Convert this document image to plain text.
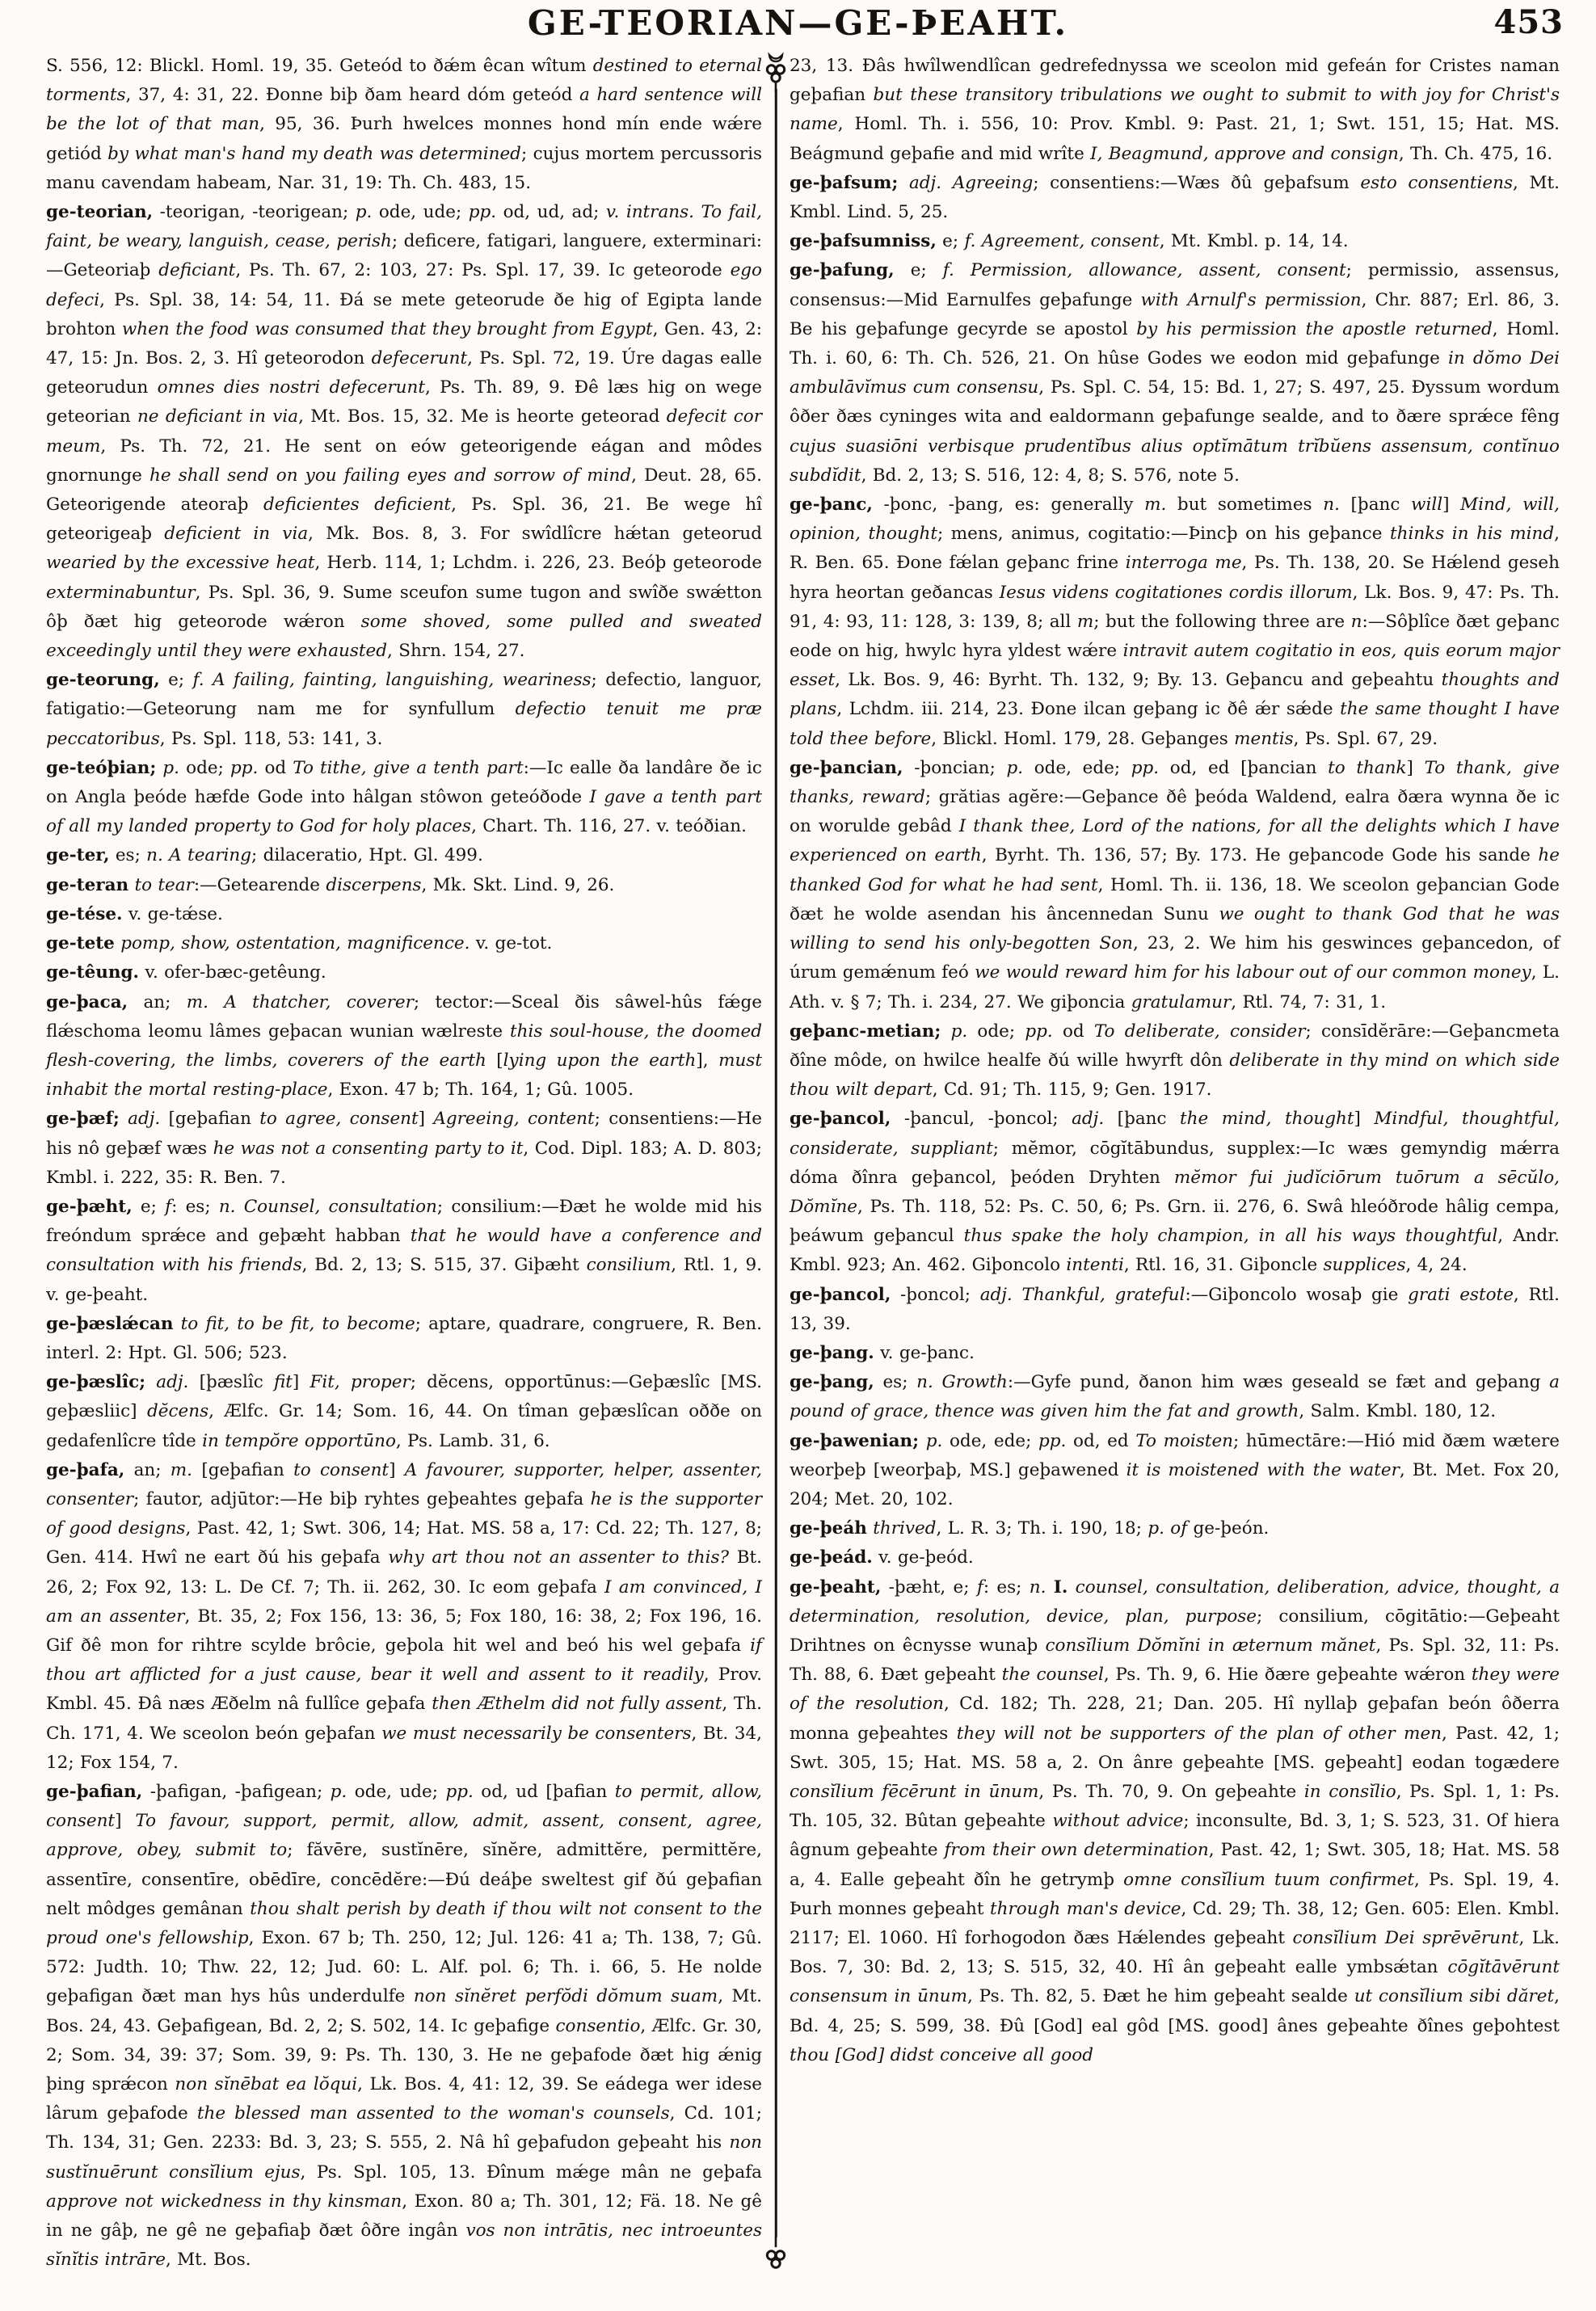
GE-TEORIAN—GE-ÞEAHT.	453

S. 556, 12: Blickl. Homl. 19, 35. Geteód to ðǽm êcan wîtum destined to eternal torments, 37, 4: 31, 22. Ðonne biþ ðam heard dóm geteód a hard sentence will be the lot of that man, 95, 36. Þurh hwelces monnes hond mín ende wǽre getiód by what man's hand my death was determined; cujus mortem percussoris manu cavendam habeam, Nar. 31, 19: Th. Ch. 483, 15.

ge-teorian, -teorigan, -teorigean; p. ode, ude; pp. od, ud, ad; v. intrans. To fail, faint, be weary, languish, cease, perish; deficere, fatigari, languere, exterminari:—Geteoriaþ deficiant, Ps. Th. 67, 2: 103, 27: Ps. Spl. 17, 39. Ic geteorode ego defeci, Ps. Spl. 38, 14: 54, 11. Ðá se mete geteorude ðe hig of Egipta lande brohton when the food was consumed that they brought from Egypt, Gen. 43, 2: 47, 15: Jn. Bos. 2, 3. Hî geteorodon defecerunt, Ps. Spl. 72, 19. Úre dagas ealle geteorudun omnes dies nostri defecerunt, Ps. Th. 89, 9. Ðê læs hig on wege geteorian ne deficiant in via, Mt. Bos. 15, 32. Me is heorte geteorad defecit cor meum, Ps. Th. 72, 21. He sent on eów geteorigende eágan and môdes gnornunge he shall send on you failing eyes and sorrow of mind, Deut. 28, 65. Geteorigende ateoraþ deficientes deficient, Ps. Spl. 36, 21. Be wege hî geteorigeaþ deficient in via, Mk. Bos. 8, 3. For swîdlîcre hǽtan geteorud wearied by the excessive heat, Herb. 114, 1; Lchdm. i. 226, 23. Beóþ geteorode exterminabuntur, Ps. Spl. 36, 9. Sume sceufon sume tugon and swîðe swǽtton ôþ ðæt hig geteorode wǽron some shoved, some pulled and sweated exceedingly until they were exhausted, Shrn. 154, 27.

ge-teorung, e; f. A failing, fainting, languishing, weariness; defectio, languor, fatigatio:—Geteorung nam me for synfullum defectio tenuit me præ peccatoribus, Ps. Spl. 118, 53: 141, 3.

ge-teóþian; p. ode; pp. od To tithe, give a tenth part:—Ic ealle ða landâre ðe ic on Angla þeóde hæfde Gode into hâlgan stôwon geteóðode I gave a tenth part of all my landed property to God for holy places, Chart. Th. 116, 27. v. teóðian.

ge-ter, es; n. A tearing; dilaceratio, Hpt. Gl. 499.

ge-teran to tear:—Getearende discerpens, Mk. Skt. Lind. 9, 26.

ge-tése. v. ge-tǽse.

ge-tete pomp, show, ostentation, magnificence. v. ge-tot.

ge-têung. v. ofer-bæc-getêung.

ge-þaca, an; m. A thatcher, coverer; tector:—Sceal ðis sâwel-hûs fǽge flǽschoma leomu lâmes geþacan wunian wælreste this soul-house, the doomed flesh-covering, the limbs, coverers of the earth [lying upon the earth], must inhabit the mortal resting-place, Exon. 47 b; Th. 164, 1; Gû. 1005.

ge-þæf; adj. [geþafian to agree, consent] Agreeing, content; consentiens:—He his nô geþæf wæs he was not a consenting party to it, Cod. Dipl. 183; A. D. 803; Kmbl. i. 222, 35: R. Ben. 7.

ge-þæht, e; f: es; n. Counsel, consultation; consilium:—Ðæt he wolde mid his freóndum sprǽce and geþæht habban that he would have a conference and consultation with his friends, Bd. 2, 13; S. 515, 37. Giþæht consilium, Rtl. 1, 9. v. ge-þeaht.

ge-þæslǽcan to fit, to be fit, to become; aptare, quadrare, congruere, R. Ben. interl. 2: Hpt. Gl. 506; 523.

ge-þæslîc; adj. [þæslîc fit] Fit, proper; dĕcens, opportūnus:—Geþæslîc [MS. geþæsliic] dĕcens, Ælfc. Gr. 14; Som. 16, 44. On tîman geþæslîcan oððe on gedafenlîcre tîde in tempŏre opportūno, Ps. Lamb. 31, 6.

ge-þafa, an; m. [geþafian to consent] A favourer, supporter, helper, assenter, consenter; fautor, adjūtor:—He biþ ryhtes geþeahtes geþafa he is the supporter of good designs, Past. 42, 1; Swt. 306, 14; Hat. MS. 58 a, 17: Cd. 22; Th. 127, 8; Gen. 414. Hwî ne eart ðú his geþafa why art thou not an assenter to this? Bt. 26, 2; Fox 92, 13: L. De Cf. 7; Th. ii. 262, 30. Ic eom geþafa I am convinced, I am an assenter, Bt. 35, 2; Fox 156, 13: 36, 5; Fox 180, 16: 38, 2; Fox 196, 16. Gif ðê mon for rihtre scylde brôcie, geþola hit wel and beó his wel geþafa if thou art afflicted for a just cause, bear it well and assent to it readily, Prov. Kmbl. 45. Ðâ næs Æðelm nâ fullîce geþafa then Æthelm did not fully assent, Th. Ch. 171, 4. We sceolon beón geþafan we must necessarily be consenters, Bt. 34, 12; Fox 154, 7.

ge-þafian, -þafigan, -þafigean; p. ode, ude; pp. od, ud [þafian to permit, allow, consent] To favour, support, permit, allow, admit, assent, consent, agree, approve, obey, submit to; făvēre, sustĭnēre, sĭnĕre, admittĕre, permittĕre, assentīre, consentīre, obēdīre, concēdĕre:—Ðú deáþe sweltest gif ðú geþafian nelt môdges gemânan thou shalt perish by death if thou wilt not consent to the proud one's fellowship, Exon. 67 b; Th. 250, 12; Jul. 126: 41 a; Th. 138, 7; Gû. 572: Judth. 10; Thw. 22, 12; Jud. 60: L. Alf. pol. 6; Th. i. 66, 5. He nolde geþafigan ðæt man hys hûs underdulfe non sĭnĕret perfŏdi dŏmum suam, Mt. Bos. 24, 43. Geþafigean, Bd. 2, 2; S. 502, 14. Ic geþafige consentio, Ælfc. Gr. 30, 2; Som. 34, 39: 37; Som. 39, 9: Ps. Th. 130, 3. He ne geþafode ðæt hig ǽnig þing sprǽcon non sĭnēbat ea lŏqui, Lk. Bos. 4, 41: 12, 39. Se eádega wer idese lârum geþafode the blessed man assented to the woman's counsels, Cd. 101; Th. 134, 31; Gen. 2233: Bd. 3, 23; S. 555, 2. Nâ hî geþafudon geþeaht his non sustĭnuērunt consĭlium ejus, Ps. Spl. 105, 13. Ðînum mǽge mân ne geþafa approve not wickedness in thy kinsman, Exon. 80 a; Th. 301, 12; Fä. 18. Ne gê in ne gâþ, ne gê ne geþafiaþ ðæt ôðre ingân vos non intrātis, nec introeuntes sĭnĭtis intrāre, Mt. Bos.

23, 13. Ðâs hwîlwendlîcan gedrefednyssa we sceolon mid gefeán for Cristes naman geþafian but these transitory tribulations we ought to submit to with joy for Christ's name, Homl. Th. i. 556, 10: Prov. Kmbl. 9: Past. 21, 1; Swt. 151, 15; Hat. MS. Beágmund geþafie and mid wrîte I, Beagmund, approve and consign, Th. Ch. 475, 16.

ge-þafsum; adj. Agreeing; consentiens:—Wæs ðû geþafsum esto consentiens, Mt. Kmbl. Lind. 5, 25.

ge-þafsumniss, e; f. Agreement, consent, Mt. Kmbl. p. 14, 14.

ge-þafung, e; f. Permission, allowance, assent, consent; permissio, assensus, consensus:—Mid Earnulfes geþafunge with Arnulf's permission, Chr. 887; Erl. 86, 3. Be his geþafunge gecyrde se apostol by his permission the apostle returned, Homl. Th. i. 60, 6: Th. Ch. 526, 21. On hûse Godes we eodon mid geþafunge in dŏmo Dei ambulāvĭmus cum consensu, Ps. Spl. C. 54, 15: Bd. 1, 27; S. 497, 25. Ðyssum wordum ôðer ðæs cyninges wita and ealdormann geþafunge sealde, and to ðære sprǽce fêng cujus suasiōni verbisque prudentĭbus alius optĭmātum trĭbŭens assensum, contĭnuo subdĭdit, Bd. 2, 13; S. 516, 12: 4, 8; S. 576, note 5.

ge-þanc, -þonc, -þang, es: generally m. but sometimes n. [þanc will] Mind, will, opinion, thought; mens, animus, cogitatio:—Þincþ on his geþance thinks in his mind, R. Ben. 65. Ðone fǽlan geþanc frine interroga me, Ps. Th. 138, 20. Se Hǽlend geseh hyra heortan geðancas Iesus videns cogitationes cordis illorum, Lk. Bos. 9, 47: Ps. Th. 91, 4: 93, 11: 128, 3: 139, 8; all m; but the following three are n:—Sôþlîce ðæt geþanc eode on hig, hwylc hyra yldest wǽre intravit autem cogitatio in eos, quis eorum major esset, Lk. Bos. 9, 46: Byrht. Th. 132, 9; By. 13. Geþancu and geþeahtu thoughts and plans, Lchdm. iii. 214, 23. Ðone ilcan geþang ic ðê ǽr sǽde the same thought I have told thee before, Blickl. Homl. 179, 28. Geþanges mentis, Ps. Spl. 67, 29.

ge-þancian, -þoncian; p. ode, ede; pp. od, ed [þancian to thank] To thank, give thanks, reward; grătias agĕre:—Geþance ðê þeóda Waldend, ealra ðæra wynna ðe ic on worulde gebâd I thank thee, Lord of the nations, for all the delights which I have experienced on earth, Byrht. Th. 136, 57; By. 173. He geþancode Gode his sande he thanked God for what he had sent, Homl. Th. ii. 136, 18. We sceolon geþancian Gode ðæt he wolde asendan his âncennedan Sunu we ought to thank God that he was willing to send his only-begotten Son, 23, 2. We him his geswinces geþancedon, of úrum gemǽnum feó we would reward him for his labour out of our common money, L. Ath. v. § 7; Th. i. 234, 27. We giþoncia gratulamur, Rtl. 74, 7: 31, 1.

geþanc-metian; p. ode; pp. od To deliberate, consider; consīdĕrāre:—Geþancmeta ðîne môde, on hwilce healfe ðú wille hwyrft dôn deliberate in thy mind on which side thou wilt depart, Cd. 91; Th. 115, 9; Gen. 1917.

ge-þancol, -þancul, -þoncol; adj. [þanc the mind, thought] Mindful, thoughtful, considerate, suppliant; mĕmor, cōgĭtābundus, supplex:—Ic wæs gemyndig mǽrra dóma ðînra geþancol, þeóden Dryhten mĕmor fui judĭciōrum tuōrum a sēcŭlo, Dŏmĭne, Ps. Th. 118, 52: Ps. C. 50, 6; Ps. Grn. ii. 276, 6. Swâ hleóðrode hâlig cempa, þeáwum geþancul thus spake the holy champion, in all his ways thoughtful, Andr. Kmbl. 923; An. 462. Giþoncolo intenti, Rtl. 16, 31. Giþoncle supplices, 4, 24.

ge-þancol, -þoncol; adj. Thankful, grateful:—Giþoncolo wosaþ gie grati estote, Rtl. 13, 39.

ge-þang. v. ge-þanc.

ge-þang, es; n. Growth:—Gyfe pund, ðanon him wæs geseald se fæt and geþang a pound of grace, thence was given him the fat and growth, Salm. Kmbl. 180, 12.

ge-þawenian; p. ode, ede; pp. od, ed To moisten; hūmectāre:—Hió mid ðæm wætere weorþeþ [weorþaþ, MS.] geþawened it is moistened with the water, Bt. Met. Fox 20, 204; Met. 20, 102.

ge-þeáh thrived, L. R. 3; Th. i. 190, 18; p. of ge-þeón.

ge-þeád. v. ge-þeód.

ge-þeaht, -þæht, e; f: es; n. I. counsel, consultation, deliberation, advice, thought, a determination, resolution, device, plan, purpose; consilium, cōgitātio:—Geþeaht Drihtnes on êcnysse wunaþ consĭlium Dŏmĭni in æternum mănet, Ps. Spl. 32, 11: Ps. Th. 88, 6. Ðæt geþeaht the counsel, Ps. Th. 9, 6. Hie ðære geþeahte wǽron they were of the resolution, Cd. 182; Th. 228, 21; Dan. 205. Hî nyllaþ geþafan beón ôðerra monna geþeahtes they will not be supporters of the plan of other men, Past. 42, 1; Swt. 305, 15; Hat. MS. 58 a, 2. On ânre geþeahte [MS. geþeaht] eodan togædere consĭlium fēcērunt in ūnum, Ps. Th. 70, 9. On geþeahte in consĭlio, Ps. Spl. 1, 1: Ps. Th. 105, 32. Bûtan geþeahte without advice; inconsulte, Bd. 3, 1; S. 523, 31. Of hiera âgnum geþeahte from their own determination, Past. 42, 1; Swt. 305, 18; Hat. MS. 58 a, 4. Ealle geþeaht ðîn he getrymþ omne consĭlium tuum confirmet, Ps. Spl. 19, 4. Þurh monnes geþeaht through man's device, Cd. 29; Th. 38, 12; Gen. 605: Elen. Kmbl. 2117; El. 1060. Hî forhogodon ðæs Hǽlendes geþeaht consĭlium Dei sprēvērunt, Lk. Bos. 7, 30: Bd. 2, 13; S. 515, 32, 40. Hî ân geþeaht ealle ymbsǽtan cōgĭtāvērunt consensum in ūnum, Ps. Th. 82, 5. Ðæt he him geþeaht sealde ut consĭlium sibi dăret, Bd. 4, 25; S. 599, 38. Ðû [God] eal gôd [MS. good] ânes geþeahte ðînes geþohtest thou [God] didst conceive all good
